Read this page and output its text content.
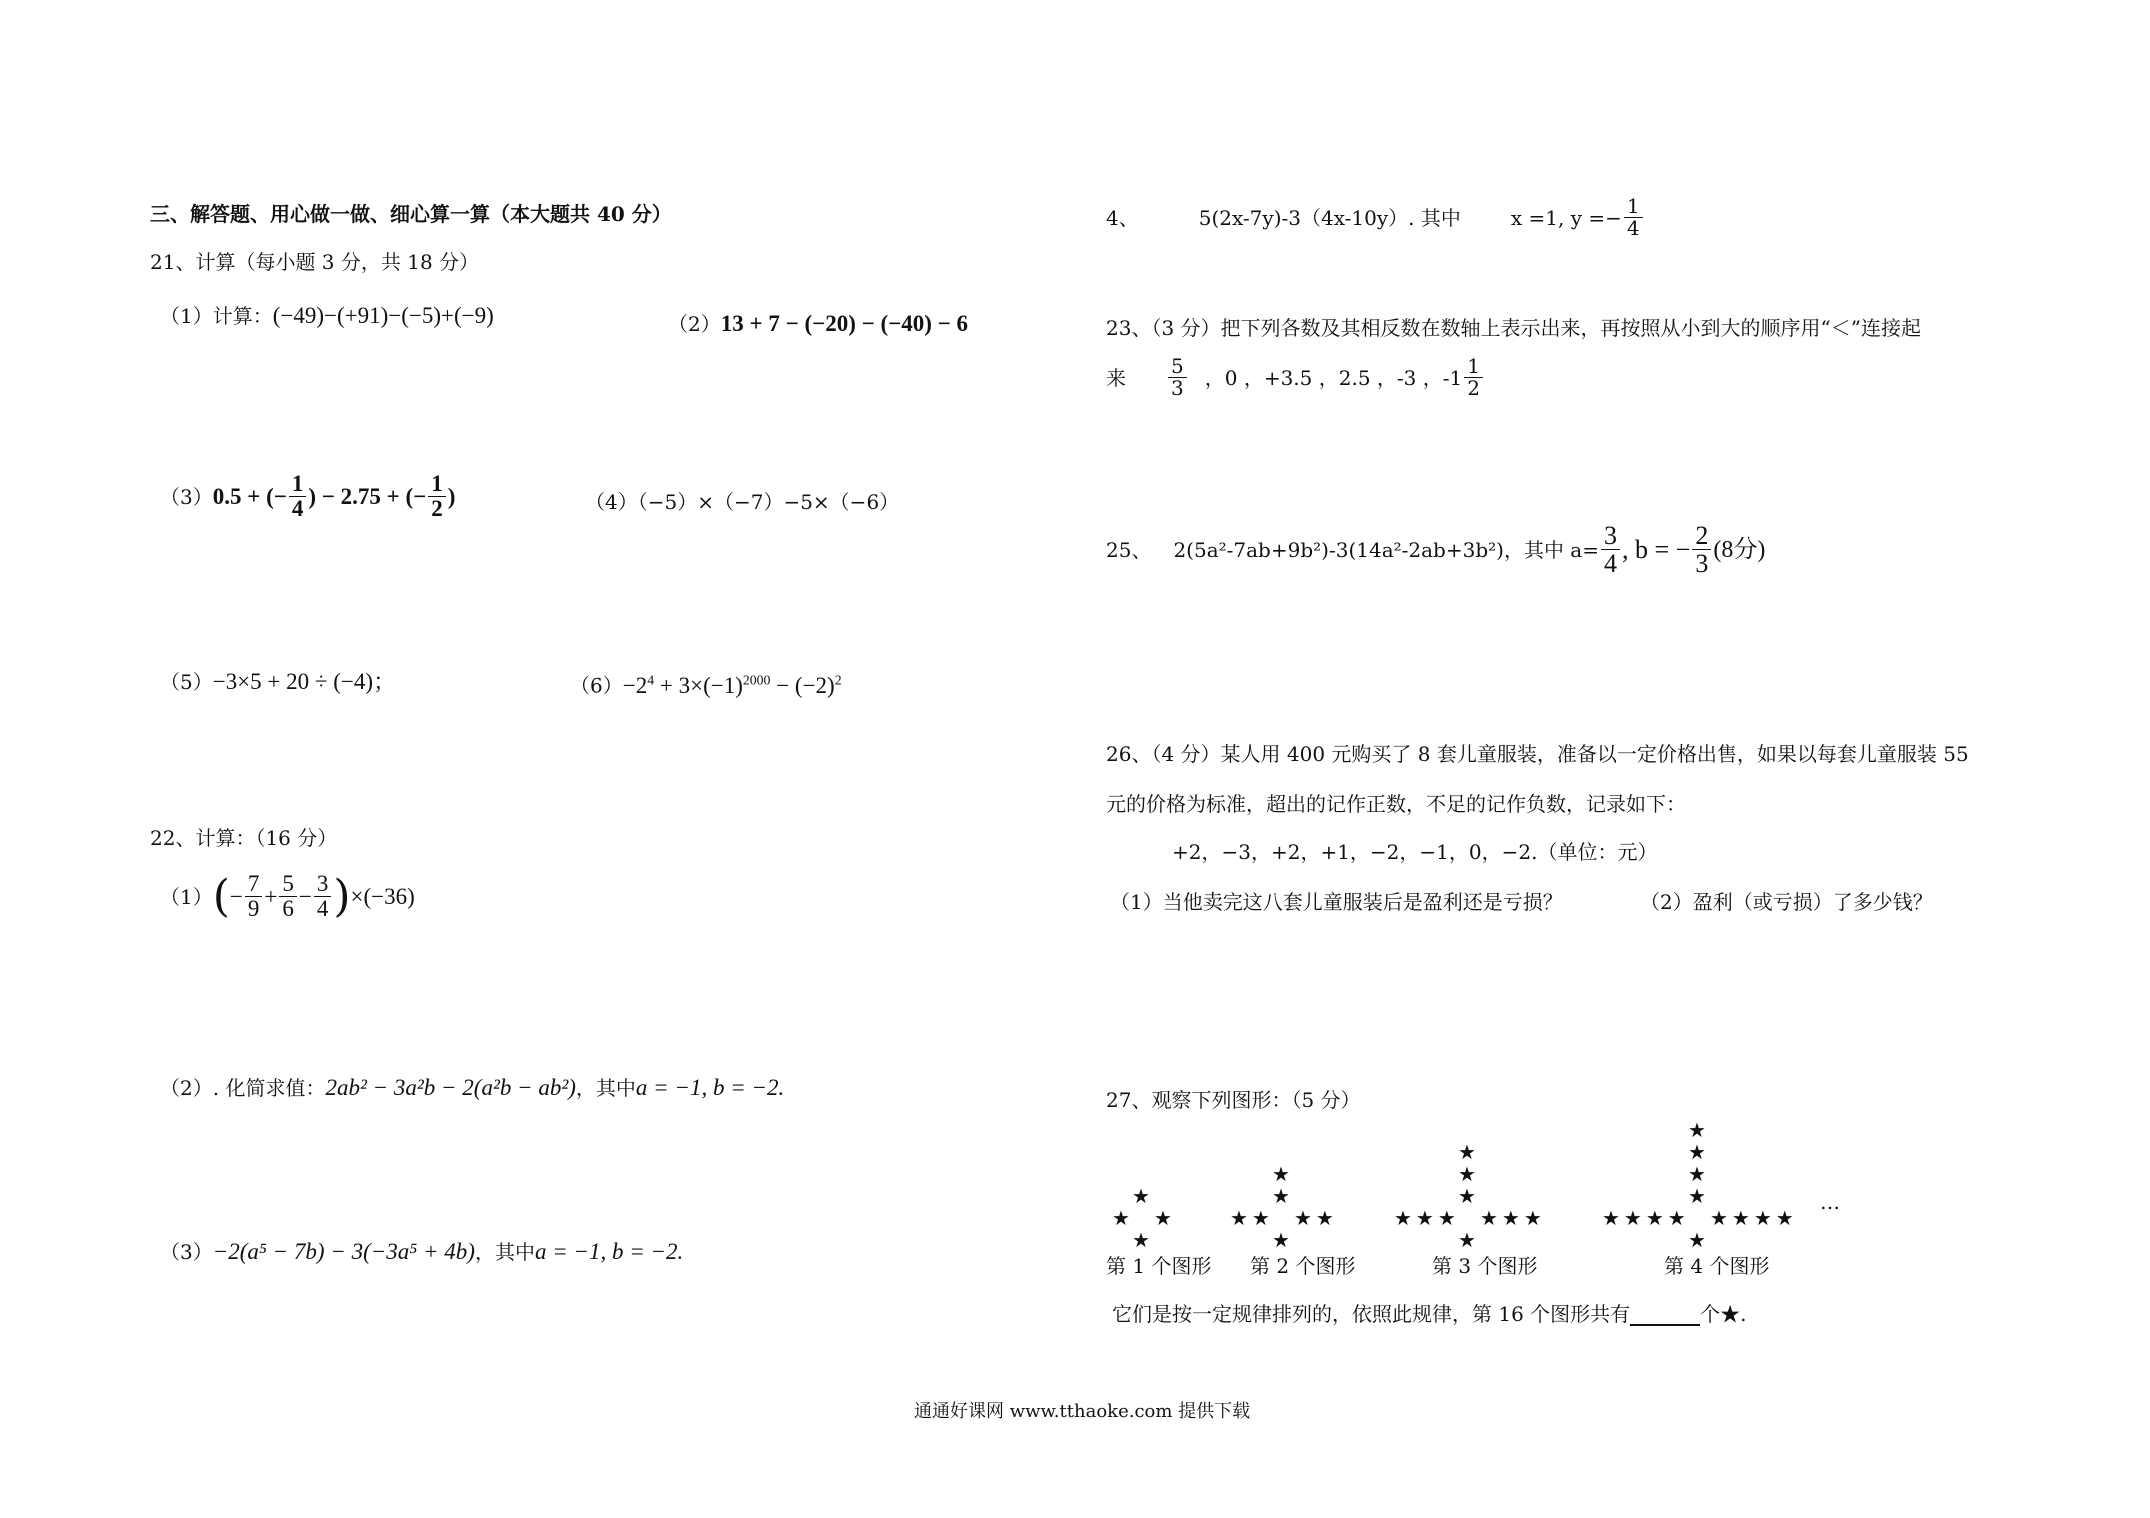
三、解答题、用心做一做、细心算一算（本大题共 40 分）
21、计算（每小题 3 分，共 18 分）
（1）计算：(−49)−(+91)−(−5)+(−9)	（2）13 + 7 − (−20) − (−40) − 6
（3） 0.5 + (− $\frac{1}{4}$ ) − 2.75 + (− $\frac{1}{2}$ )	（4）（−5）×（−7）−5×（−6）
（5）−3×5 + 20 ÷ (−4)；	$(6)-2^4 + 3\times(-1)^{2000} - (-2)^2$
22、计算：（16 分）
（1） ( − $\frac{7}{9} + \frac{5}{6} - \frac{3}{4}$ ) ×(−36)
（2）. 化简求值：2ab² − 3a²b − 2(a²b − ab²)，其中a = −1, b = −2.
（3）−2(a⁵ − 7b) − 3(−3a⁵ + 4b)，其中a = −1, b = −2.
4、	5(2x-7y)-3（4x-10y）. 其中	x =1, $y =- \frac{1}{4}$
23、（3 分）把下列各数及其相反数在数轴上表示出来，再按照从小到大的顺序用“＜”连接起
来 $\frac{5}{3}$ ，0 ，+3.5 ，2.5 ，-3 ，$-1 \frac{1}{2}$
25、 2(5a²-7ab+9b²)-3(14a²-2ab+3b²)，其中 $a= \frac{3}{4}$ , b = − $\frac{2}{3} (8$分)
26、（4 分）某人用 400 元购买了 8 套儿童服装，准备以一定价格出售，如果以每套儿童服装 55
元的价格为标准，超出的记作正数，不足的记作负数，记录如下：
+2，−3，+2，+1，−2，−1，0，−2.（单位：元）
（1）当他卖完这八套儿童服装后是盈利还是亏损？	（2）盈利（或亏损）了多少钱？
27、观察下列图形：（5 分）
★
★ ★
★
★
★
★★ ★★
★
★
★
★
★★★ ★★★
★
★
★
★
★
★★★★ ★★★★
★
…
第 1 个图形 第 2 个图形	第 3 个图形	第 4 个图形
它们是按一定规律排列的，依照此规律，第 16 个图形共有	个★.
通通好课网 www.tthaoke.com 提供下载
